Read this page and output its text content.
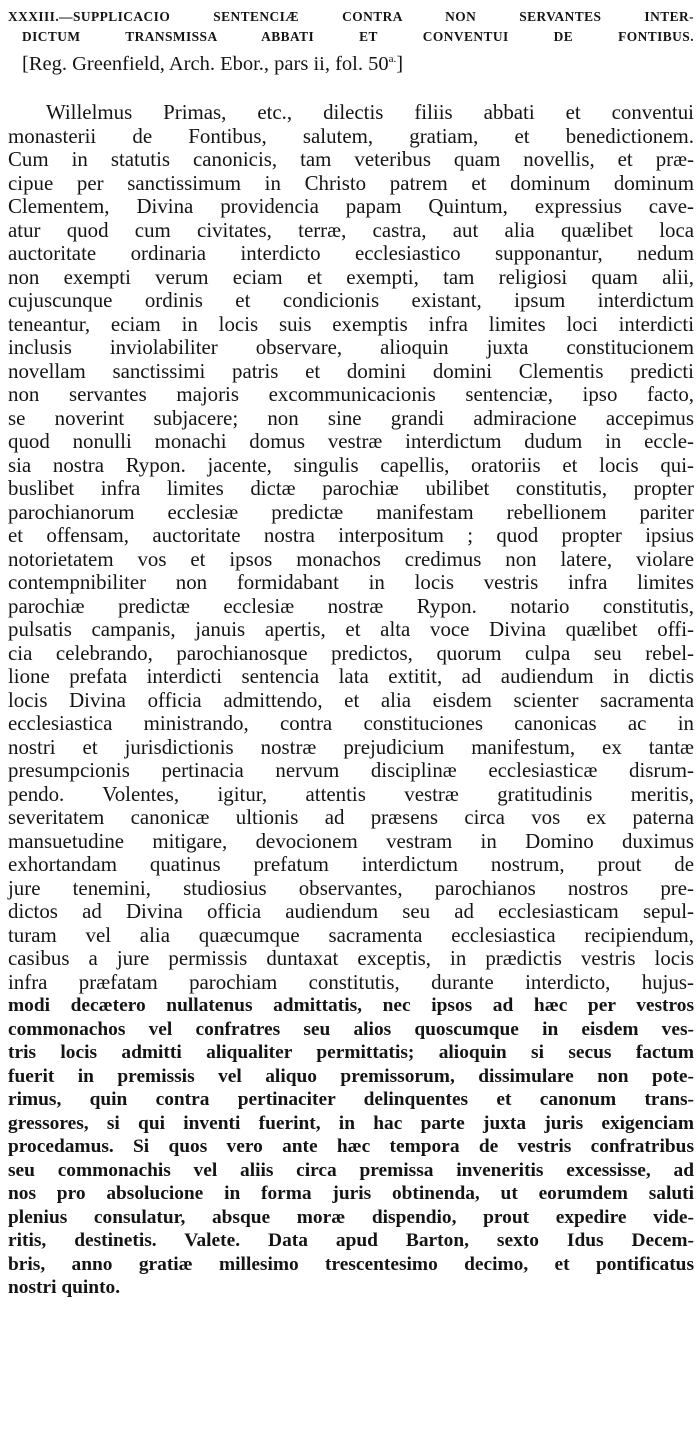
XXXIII.—SUPPLICACIO SENTENCIÆ CONTRA NON SERVANTES INTER-
DICTUM TRANSMISSA ABBATI ET CONVENTUI DE FONTIBUS.
[Reg. Greenfield, Arch. Ebor., pars ii, fol. $50^{a.}$]
Willelmus Primas, etc., dilectis filiis abbati et conventui
monasterii de Fontibus, salutem, gratiam, et benedictionem.
Cum in statutis canonicis, tam veteribus quam novellis, et præ-
cipue per sanctissimum in Christo patrem et dominum dominum
Clementem, Divina providencia papam Quintum, expressius cave-
atur quod cum civitates, terræ, castra, aut alia quælibet loca
auctoritate ordinaria interdicto ecclesiastico supponantur, nedum
non exempti verum eciam et exempti, tam religiosi quam alii,
cujuscunque ordinis et condicionis existant, ipsum interdictum
teneantur, eciam in locis suis exemptis infra limites loci interdicti
inclusis inviolabiliter observare, alioquin juxta constitucionem
novellam sanctissimi patris et domini domini Clementis predicti
non servantes majoris excommunicacionis sentenciæ, ipso facto,
se noverint subjacere; non sine grandi admiracione accepimus
quod nonulli monachi domus vestræ interdictum dudum in eccle-
sia nostra Rypon. jacente, singulis capellis, oratoriis et locis qui-
buslibet infra limites dictæ parochiæ ubilibet constitutis, propter
parochianorum ecclesiæ predictæ manifestam rebellionem pariter
et offensam, auctoritate nostra interpositum ; quod propter ipsius
notorietatem vos et ipsos monachos credimus non latere, violare
contempnibiliter non formidabant in locis vestris infra limites
parochiæ predictæ ecclesiæ nostræ Rypon. notario constitutis,
pulsatis campanis, januis apertis, et alta voce Divina quælibet offi-
cia celebrando, parochianosque predictos, quorum culpa seu rebel-
lione prefata interdicti sentencia lata extitit, ad audiendum in dictis
locis Divina officia admittendo, et alia eisdem scienter sacramenta
ecclesiastica ministrando, contra constituciones canonicas ac in
nostri et jurisdictionis nostræ prejudicium manifestum, ex tantæ
presumpcionis pertinacia nervum disciplinæ ecclesiasticæ disrum-
pendo. Volentes, igitur, attentis vestræ gratitudinis meritis,
severitatem canonicæ ultionis ad præsens circa vos ex paterna
mansuetudine mitigare, devocionem vestram in Domino duximus
exhortandam quatinus prefatum interdictum nostrum, prout de
jure tenemini, studiosius observantes, parochianos nostros pre-
dictos ad Divina officia audiendum seu ad ecclesiasticam sepul-
turam vel alia quæcumque sacramenta ecclesiastica recipiendum,
casibus a jure permissis duntaxat exceptis, in prædictis vestris locis
infra præfatam parochiam constitutis, durante interdicto, hujus-
modi decætero nullatenus admittatis, nec ipsos ad hæc per vestros
commonachos vel confratres seu alios quoscumque in eisdem ves-
tris locis admitti aliqualiter permittatis; alioquin si secus factum
fuerit in premissis vel aliquo premissorum, dissimulare non pote-
rimus, quin contra pertinaciter delinquentes et canonum trans-
gressores, si qui inventi fuerint, in hac parte juxta juris exigenciam
procedamus. Si quos vero ante hæc tempora de vestris confratribus
seu commonachis vel aliis circa premissa inveneritis excessisse, ad
nos pro absolucione in forma juris obtinenda, ut eorumdem saluti
plenius consulatur, absque moræ dispendio, prout expedire vide-
ritis, destinetis. Valete. Data apud Barton, sexto Idus Decem-
bris, anno gratiæ millesimo trescentesimo decimo, et pontificatus
nostri quinto.
